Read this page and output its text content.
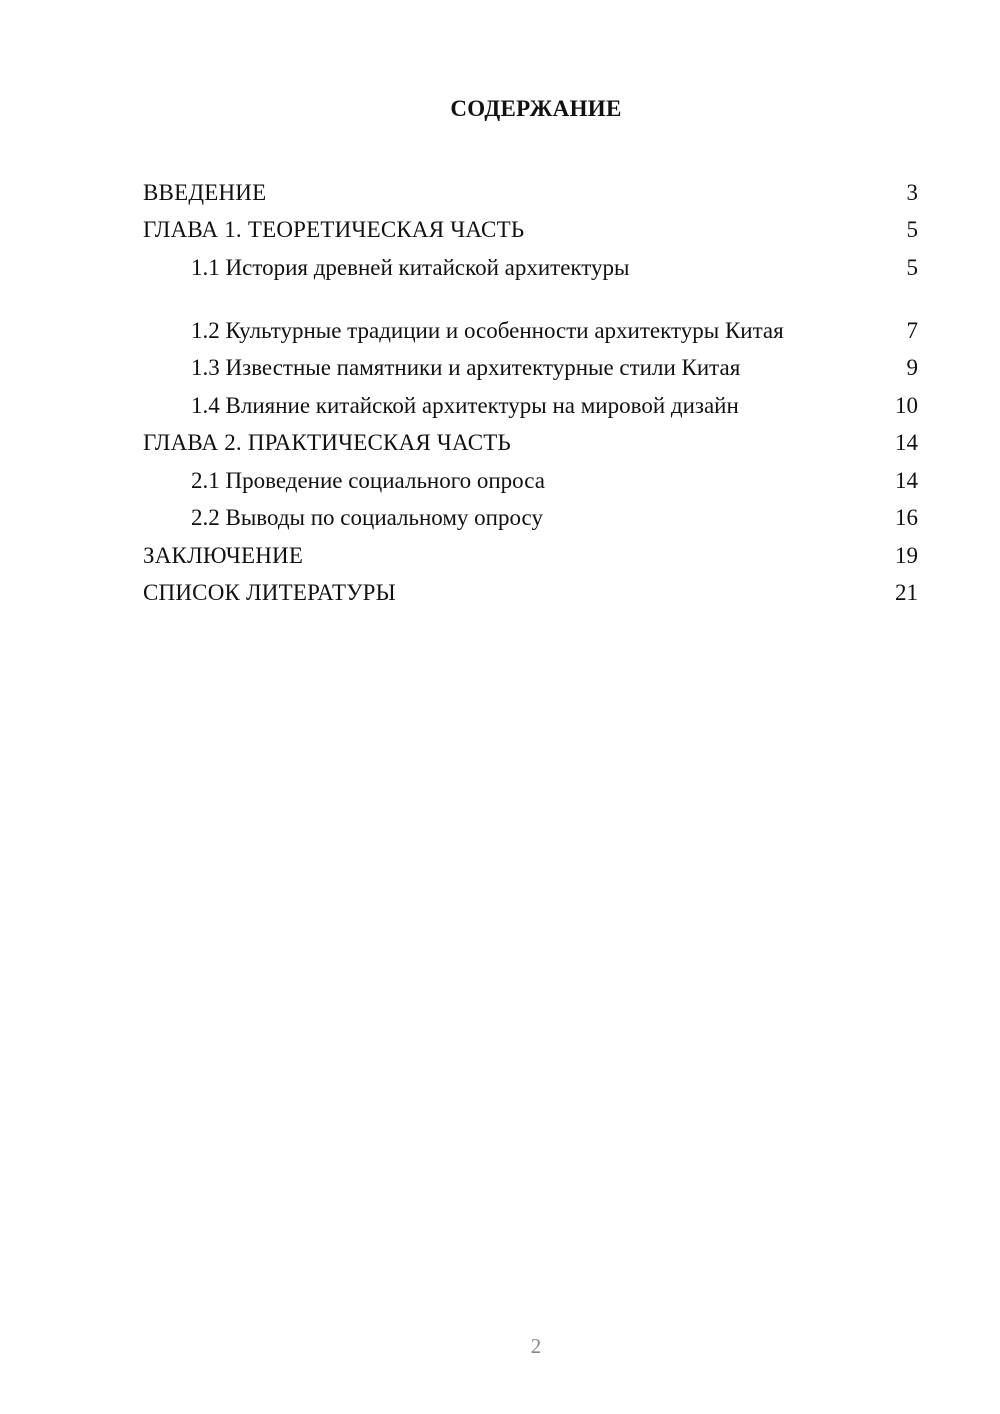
СОДЕРЖАНИЕ
ВВЕДЕНИЕ	3
ГЛАВА 1. ТЕОРЕТИЧЕСКАЯ ЧАСТЬ	5
1.1 История древней китайской архитектуры	5
1.2 Культурные традиции и особенности архитектуры Китая	7
1.3 Известные памятники и архитектурные стили Китая	9
1.4 Влияние китайской архитектуры на мировой дизайн	10
ГЛАВА 2. ПРАКТИЧЕСКАЯ ЧАСТЬ	14
2.1 Проведение социального опроса	14
2.2 Выводы по социальному опросу	16
ЗАКЛЮЧЕНИЕ	19
СПИСОК ЛИТЕРАТУРЫ	21
2
